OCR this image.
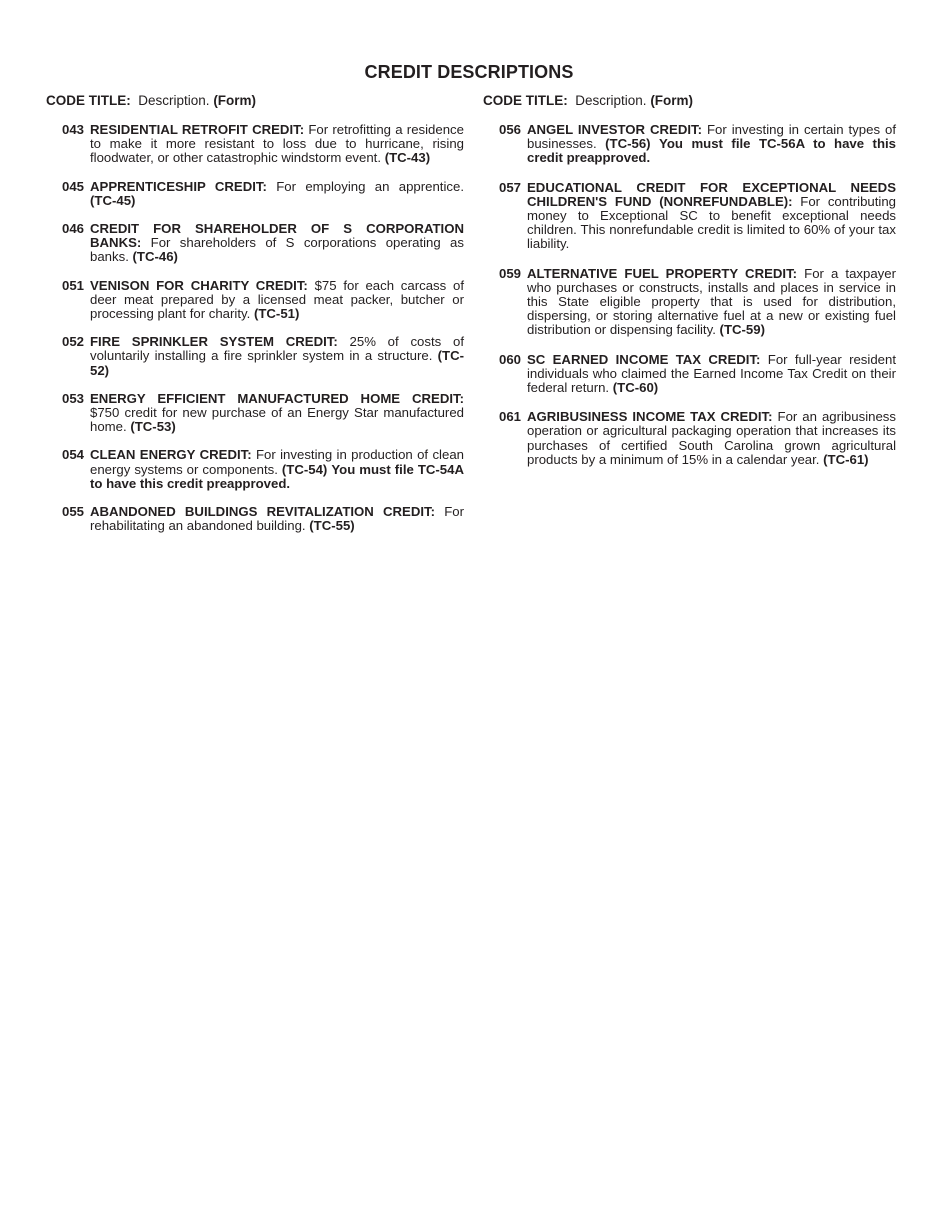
CREDIT DESCRIPTIONS
CODE TITLE: Description. (Form)
043 RESIDENTIAL RETROFIT CREDIT: For retrofitting a residence to make it more resistant to loss due to hurricane, rising floodwater, or other catastrophic windstorm event. (TC-43)
045 APPRENTICESHIP CREDIT: For employing an apprentice. (TC-45)
046 CREDIT FOR SHAREHOLDER OF S CORPORATION BANKS: For shareholders of S corporations operating as banks. (TC-46)
051 VENISON FOR CHARITY CREDIT: $75 for each carcass of deer meat prepared by a licensed meat packer, butcher or processing plant for charity. (TC-51)
052 FIRE SPRINKLER SYSTEM CREDIT: 25% of costs of voluntarily installing a fire sprinkler system in a structure. (TC-52)
053 ENERGY EFFICIENT MANUFACTURED HOME CREDIT: $750 credit for new purchase of an Energy Star manufactured home. (TC-53)
054 CLEAN ENERGY CREDIT: For investing in production of clean energy systems or components. (TC-54) You must file TC-54A to have this credit preapproved.
055 ABANDONED BUILDINGS REVITALIZATION CREDIT: For rehabilitating an abandoned building. (TC-55)
CODE TITLE: Description. (Form)
056 ANGEL INVESTOR CREDIT: For investing in certain types of businesses. (TC-56) You must file TC-56A to have this credit preapproved.
057 EDUCATIONAL CREDIT FOR EXCEPTIONAL NEEDS CHILDREN'S FUND (NONREFUNDABLE): For contributing money to Exceptional SC to benefit exceptional needs children. This nonrefundable credit is limited to 60% of your tax liability.
059 ALTERNATIVE FUEL PROPERTY CREDIT: For a taxpayer who purchases or constructs, installs and places in service in this State eligible property that is used for distribution, dispersing, or storing alternative fuel at a new or existing fuel distribution or dispensing facility. (TC-59)
060 SC EARNED INCOME TAX CREDIT: For full-year resident individuals who claimed the Earned Income Tax Credit on their federal return. (TC-60)
061 AGRIBUSINESS INCOME TAX CREDIT: For an agribusiness operation or agricultural packaging operation that increases its purchases of certified South Carolina grown agricultural products by a minimum of 15% in a calendar year. (TC-61)
